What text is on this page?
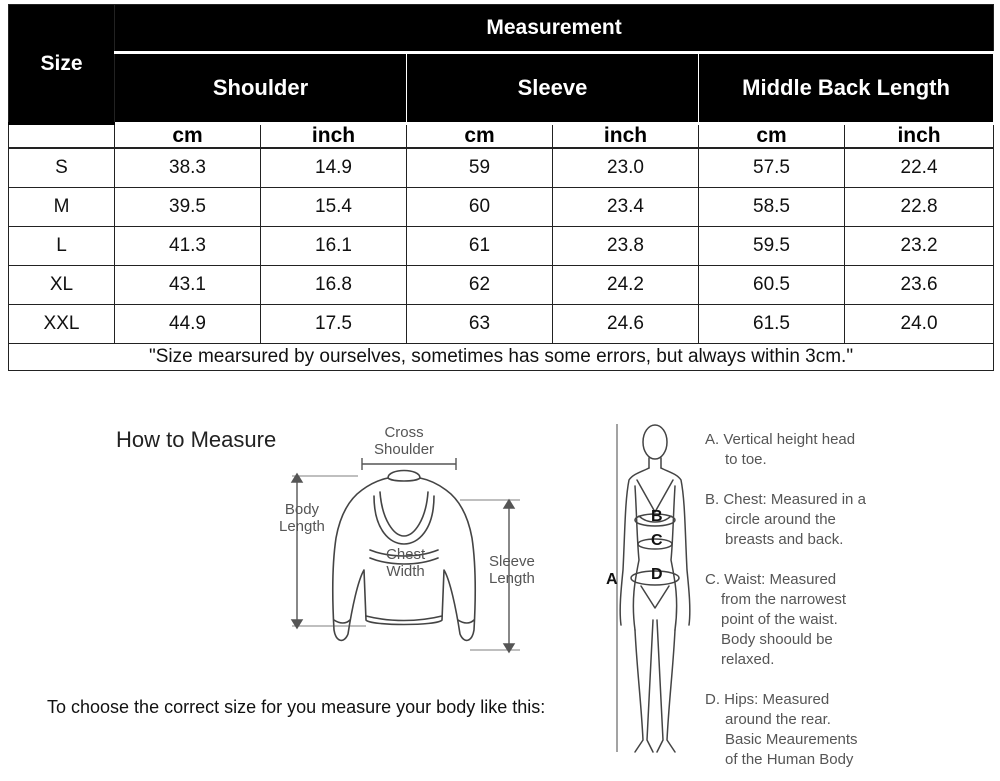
Size	Measurement					
	Shoulder		Sleeve		Middle Back Length	
	cm	inch	cm	inch	cm	inch
S	38.3	14.9	59	23.0	57.5	22.4
M	39.5	15.4	60	23.4	58.5	22.8
L	41.3	16.1	61	23.8	59.5	23.2
XL	43.1	16.8	62	24.2	60.5	23.6
XXL	44.9	17.5	63	24.6	61.5	24.0
"Size mearsured by ourselves, sometimes has some errors, but always within 3cm."						
How to Measure	Cross
Shoulder
Body
Length
Chest
Width
Sleeve
Length
To choose the correct size for you measure your body like this:
B
C
D
A
A. Vertical height head
to toe.
B. Chest: Measured in a
circle around the
breasts and back.
C. Waist: Measured
from the narrowest
point of the waist.
Body shoould be
relaxed.
D. Hips: Measured
around the rear.
Basic Meaurements
of the Human Body
